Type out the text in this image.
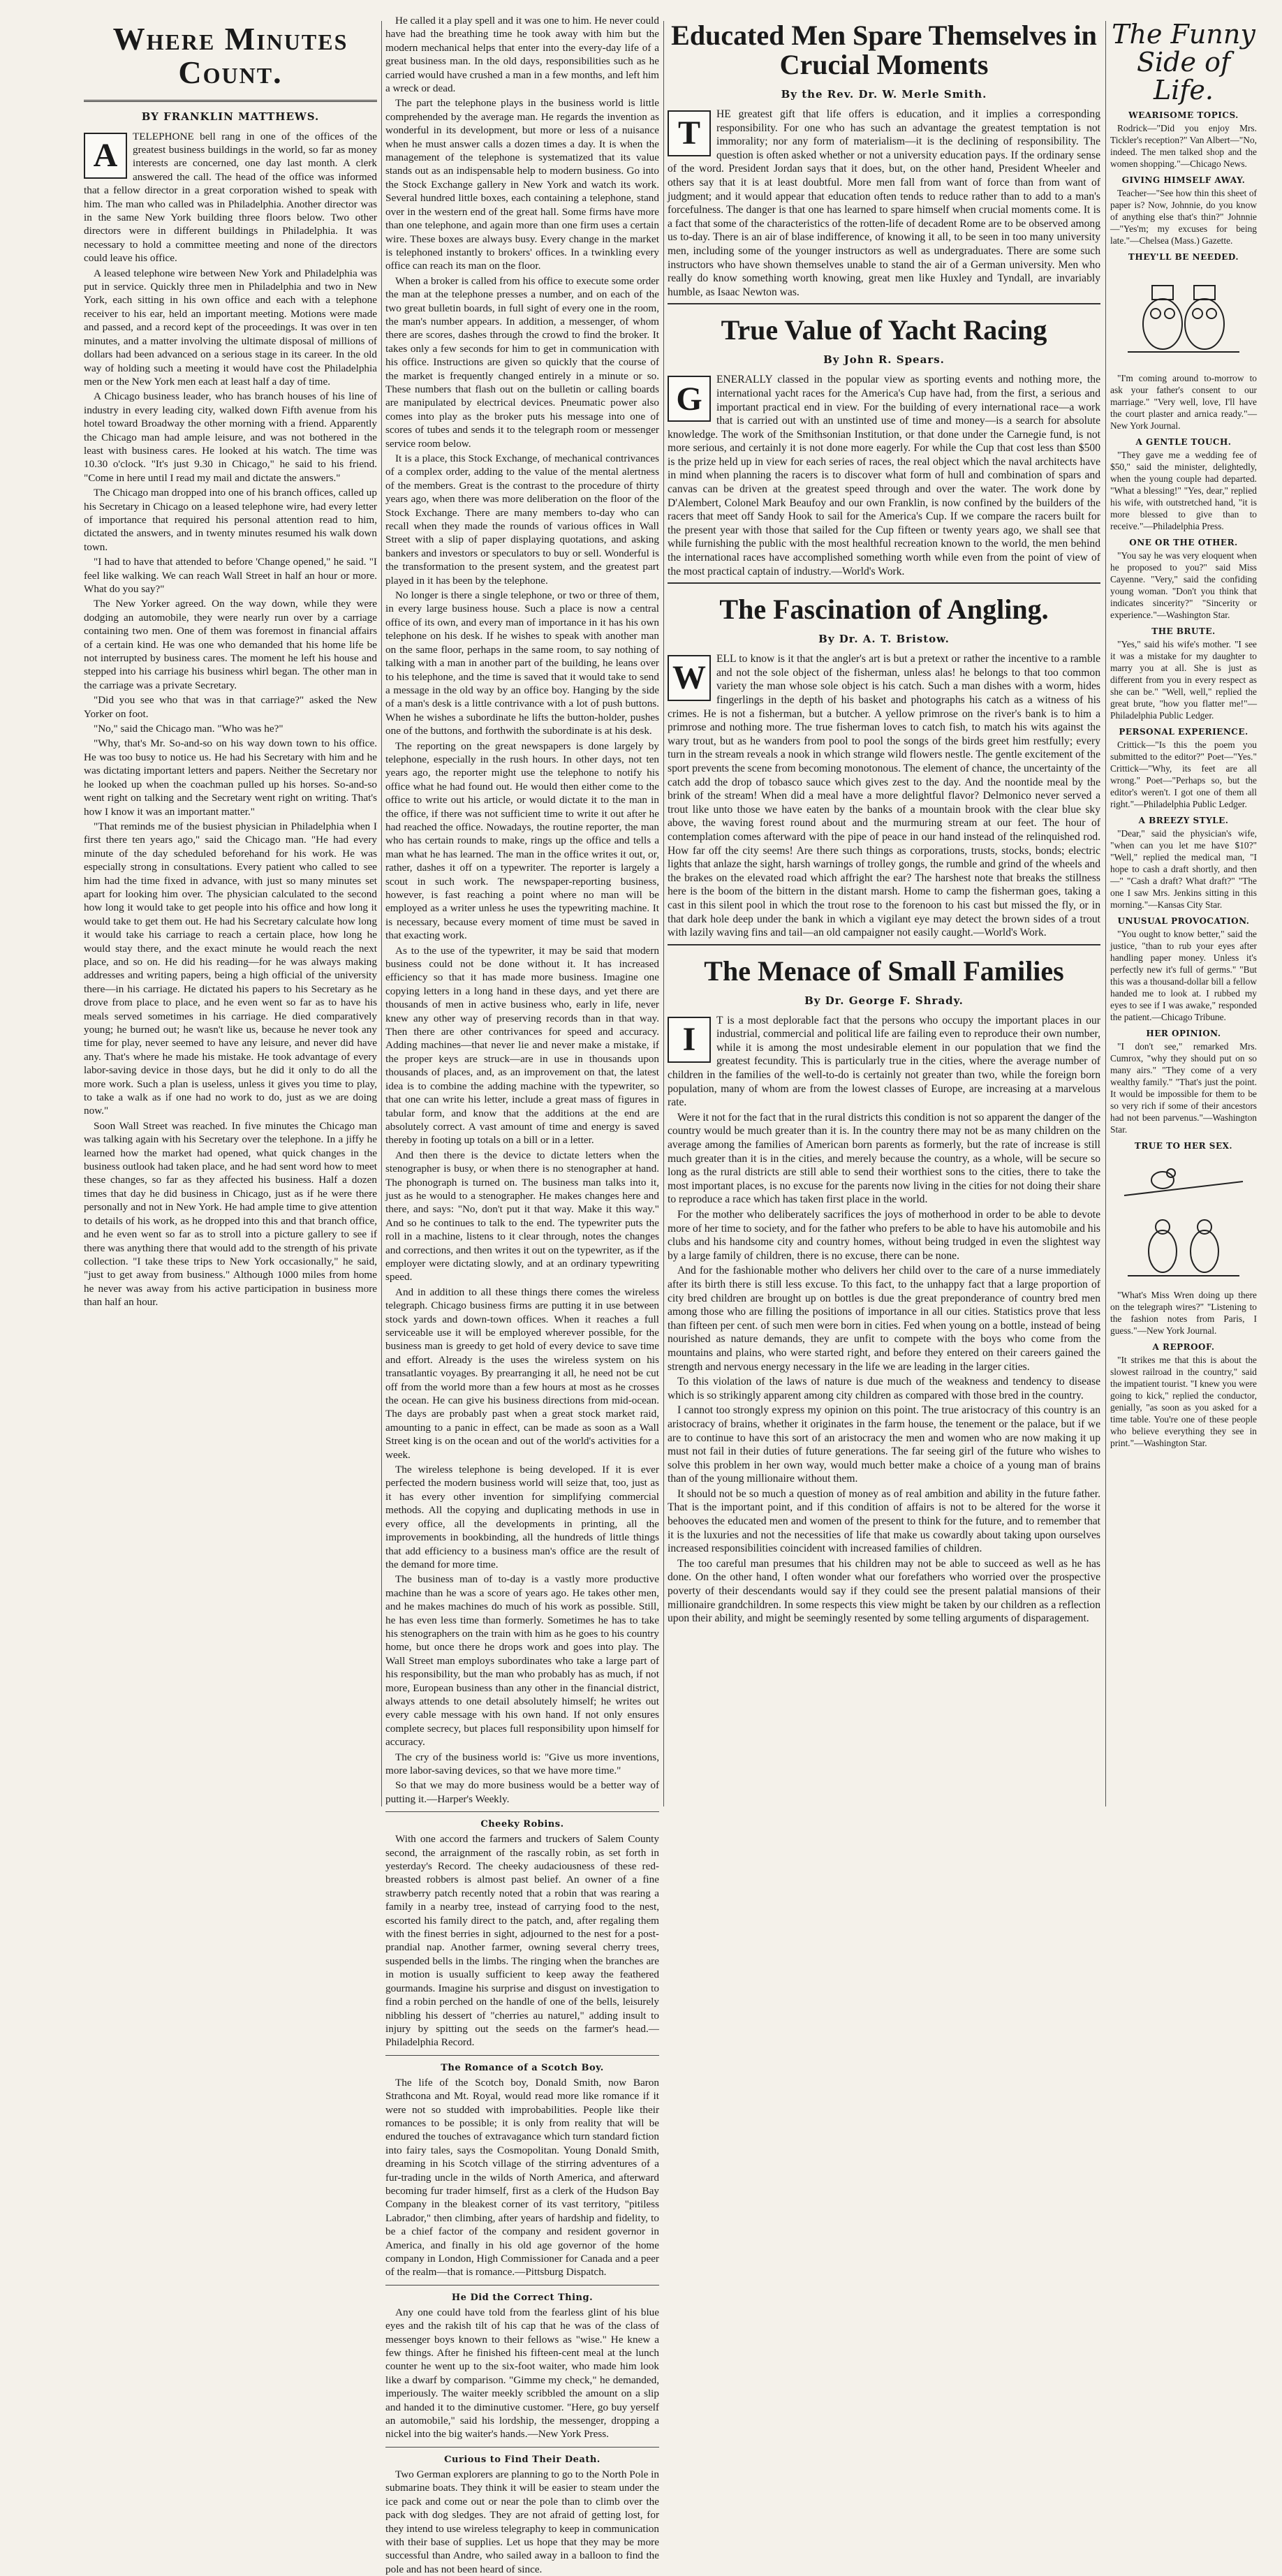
Where Minutes Count.
BY FRANKLIN MATTHEWS.
A
TELEPHONE bell rang in one of the offices of the greatest business buildings in the world, so far as money interests are concerned, one day last month. A clerk answered the call. The head of the office was informed that a fellow director in a great corporation wished to speak with him. The man who called was in Philadelphia. Another director was in the same New York building three floors below. Two other directors were in different buildings in Philadelphia. It was necessary to hold a committee meeting and none of the directors could leave his office.

A leased telephone wire between New York and Philadelphia was put in service. Quickly three men in Philadelphia and two in New York, each sitting in his own office and each with a telephone receiver to his ear, held an important meeting. Motions were made and passed, and a record kept of the proceedings. It was over in ten minutes, and a matter involving the ultimate disposal of millions of dollars had been advanced on a serious stage in its career. In the old way of holding such a meeting it would have cost the Philadelphia men or the New York men each at least half a day of time.

A Chicago business leader, who has branch houses of his line of industry in every leading city, walked down Fifth avenue from his hotel toward Broadway the other morning with a friend. Apparently the Chicago man had ample leisure, and was not bothered in the least with business cares. He looked at his watch. The time was 10.30 o'clock. "It's just 9.30 in Chicago," he said to his friend. "Come in here until I read my mail and dictate the answers."

The Chicago man dropped into one of his branch offices, called up his Secretary in Chicago on a leased telephone wire, had every letter of importance that required his personal attention read to him, dictated the answers, and in twenty minutes resumed his walk down town.

"I had to have that attended to before 'Change opened," he said. "I feel like walking. We can reach Wall Street in half an hour or more. What do you say?"

The New Yorker agreed. On the way down, while they were dodging an automobile, they were nearly run over by a carriage containing two men. One of them was foremost in financial affairs of a certain kind. He was one who demanded that his home life be not interrupted by business cares. The moment he left his house and stepped into his carriage his business whirl began. The other man in the carriage was a private Secretary.

"Did you see who that was in that carriage?" asked the New Yorker on foot.

"No," said the Chicago man. "Who was he?"

"Why, that's Mr. So-and-so on his way down town to his office. He was too busy to notice us. He had his Secretary with him and he was dictating important letters and papers. Neither the Secretary nor he looked up when the coachman pulled up his horses. So-and-so went right on talking and the Secretary went right on writing. That's how I know it was an important matter."

"That reminds me of the busiest physician in Philadelphia when I first there ten years ago," said the Chicago man. "He had every minute of the day scheduled beforehand for his work. He was especially strong in consultations. Every patient who called to see him had the time fixed in advance, with just so many minutes set apart for looking him over. The physician calculated to the second how long it would take to get people into his office and how long it would take to get them out. He had his Secretary calculate how long it would take his carriage to reach a certain place, how long he would stay there, and the exact minute he would reach the next place, and so on. He did his reading—for he was always making addresses and writing papers, being a high official of the university there—in his carriage. He dictated his papers to his Secretary as he drove from place to place, and he even went so far as to have his meals served sometimes in his carriage. He died comparatively young; he burned out; he wasn't like us, because he never took any time for play, never seemed to have any leisure, and never did have any. That's where he made his mistake. He took advantage of every labor-saving device in those days, but he did it only to do all the more work. Such a plan is useless, unless it gives you time to play, to take a walk as if one had no work to do, just as we are doing now."

Soon Wall Street was reached. In five minutes the Chicago man was talking again with his Secretary over the telephone. In a jiffy he learned how the market had opened, what quick changes in the business outlook had taken place, and he had sent word how to meet these changes, so far as they affected his business. Half a dozen times that day he did business in Chicago, just as if he were there personally and not in New York. He had ample time to give attention to details of his work, as he dropped into this and that branch office, and he even went so far as to stroll into a picture gallery to see if there was anything there that would add to the strength of his private collection. "I take these trips to New York occasionally," he said, "just to get away from business." Although 1000 miles from home he never was away from his active participation in business more than half an hour.

He called it a play spell and it was one to him. He never could have had the breathing time he took away with him but the modern mechanical helps that enter into the every-day life of a great business man. In the old days, responsibilities such as he carried would have crushed a man in a few months, and left him a wreck or dead.

The part the telephone plays in the business world is little comprehended by the average man. He regards the invention as wonderful in its development, but more or less of a nuisance when he must answer calls a dozen times a day. It is when the management of the telephone is systematized that its value stands out as an indispensable help to modern business. Go into the Stock Exchange gallery in New York and watch its work. Several hundred little boxes, each containing a telephone, stand over in the western end of the great hall. Some firms have more than one telephone, and again more than one firm uses a certain wire. These boxes are always busy. Every change in the market is telephoned instantly to brokers' offices. In a twinkling every office can reach its man on the floor.

When a broker is called from his office to execute some order the man at the telephone presses a number, and on each of the two great bulletin boards, in full sight of every one in the room, the man's number appears. In addition, a messenger, of whom there are scores, dashes through the crowd to find the broker. It takes only a few seconds for him to get in communication with his office. Instructions are given so quickly that the course of the market is frequently changed entirely in a minute or so. These numbers that flash out on the bulletin or calling boards are manipulated by electrical devices. Pneumatic power also comes into play as the broker puts his message into one of scores of tubes and sends it to the telegraph room or messenger service room below.

It is a place, this Stock Exchange, of mechanical contrivances of a complex order, adding to the value of the mental alertness of the members. Great is the contrast to the procedure of thirty years ago, when there was more deliberation on the floor of the Stock Exchange. There are many members to-day who can recall when they made the rounds of various offices in Wall Street with a slip of paper displaying quotations, and asking bankers and investors or speculators to buy or sell. Wonderful is the transformation to the present system, and the greatest part played in it has been by the telephone.

No longer is there a single telephone, or two or three of them, in every large business house. Such a place is now a central office of its own, and every man of importance in it has his own telephone on his desk. If he wishes to speak with another man on the same floor, perhaps in the same room, to say nothing of talking with a man in another part of the building, he leans over to his telephone, and the time is saved that it would take to send a message in the old way by an office boy. Hanging by the side of a man's desk is a little contrivance with a lot of push buttons. When he wishes a subordinate he lifts the button-holder, pushes one of the buttons, and forthwith the subordinate is at his desk.

The reporting on the great newspapers is done largely by telephone, especially in the rush hours. In other days, not ten years ago, the reporter might use the telephone to notify his office what he had found out. He would then either come to the office to write out his article, or would dictate it to the man in the office, if there was not sufficient time to write it out after he had reached the office. Nowadays, the routine reporter, the man who has certain rounds to make, rings up the office and tells a man what he has learned. The man in the office writes it out, or, rather, dashes it off on a typewriter. The reporter is largely a scout in such work. The newspaper-reporting business, however, is fast reaching a point where no man will be employed as a writer unless he uses the typewriting machine. It is necessary, because every moment of time must be saved in that exacting work.

As to the use of the typewriter, it may be said that modern business could not be done without it. It has increased efficiency so that it has made more business. Imagine one copying letters in a long hand in these days, and yet there are thousands of men in active business who, early in life, never knew any other way of preserving records than in that way. Then there are other contrivances for speed and accuracy. Adding machines—that never lie and never make a mistake, if the proper keys are struck—are in use in thousands upon thousands of places, and, as an improvement on that, the latest idea is to combine the adding machine with the typewriter, so that one can write his letter, include a great mass of figures in tabular form, and know that the additions at the end are absolutely correct. A vast amount of time and energy is saved thereby in footing up totals on a bill or in a letter.

And then there is the device to dictate letters when the stenographer is busy, or when there is no stenographer at hand. The phonograph is turned on. The business man talks into it, just as he would to a stenographer. He makes changes here and there, and says: "No, don't put it that way. Make it this way." And so he continues to talk to the end. The typewriter puts the roll in a machine, listens to it clear through, notes the changes and corrections, and then writes it out on the typewriter, as if the employer were dictating slowly, and at an ordinary typewriting speed.

And in addition to all these things there comes the wireless telegraph. Chicago business firms are putting it in use between stock yards and down-town offices. When it reaches a full serviceable use it will be employed wherever possible, for the business man is greedy to get hold of every device to save time and effort. Already is the uses the wireless system on his transatlantic voyages. By prearranging it all, he need not be cut off from the world more than a few hours at most as he crosses the ocean. He can give his business directions from mid-ocean. The days are probably past when a great stock market raid, amounting to a panic in effect, can be made as soon as a Wall Street king is on the ocean and out of the world's activities for a week.

The wireless telephone is being developed. If it is ever perfected the modern business world will seize that, too, just as it has every other invention for simplifying commercial methods. All the copying and duplicating methods in use in every office, all the developments in printing, all the improvements in bookbinding, all the hundreds of little things that add efficiency to a business man's office are the result of the demand for more time.

The business man of to-day is a vastly more productive machine than he was a score of years ago. He takes other men, and he makes machines do much of his work as possible. Still, he has even less time than formerly. Sometimes he has to take his stenographers on the train with him as he goes to his country home, but once there he drops work and goes into play. The Wall Street man employs subordinates who take a large part of his responsibility, but the man who probably has as much, if not more, European business than any other in the financial district, always attends to one detail absolutely himself; he writes out every cable message with his own hand. If not only ensures complete secrecy, but places full responsibility upon himself for accuracy.

The cry of the business world is: "Give us more inventions, more labor-saving devices, so that we have more time."

So that we may do more business would be a better way of putting it.—Harper's Weekly.

Cheeky Robins.

With one accord the farmers and truckers of Salem County second, the arraignment of the rascally robin, as set forth in yesterday's Record. The cheeky audaciousness of these red-breasted robbers is almost past belief. An owner of a fine strawberry patch recently noted that a robin that was rearing a family in a nearby tree, instead of carrying food to the nest, escorted his family direct to the patch, and, after regaling them with the finest berries in sight, adjourned to the nest for a post-prandial nap. Another farmer, owning several cherry trees, suspended bells in the limbs. The ringing when the branches are in motion is usually sufficient to keep away the feathered gourmands. Imagine his surprise and disgust on investigation to find a robin perched on the handle of one of the bells, leisurely nibbling his dessert of "cherries au naturel," adding insult to injury by spitting out the seeds on the farmer's head.—Philadelphia Record.

The Romance of a Scotch Boy.

The life of the Scotch boy, Donald Smith, now Baron Strathcona and Mt. Royal, would read more like romance if it were not so studded with improbabilities. People like their romances to be possible; it is only from reality that will be endured the touches of extravagance which turn standard fiction into fairy tales, says the Cosmopolitan. Young Donald Smith, dreaming in his Scotch village of the stirring adventures of a fur-trading uncle in the wilds of North America, and afterward becoming fur trader himself, first as a clerk of the Hudson Bay Company in the bleakest corner of its vast territory, "pitiless Labrador," then climbing, after years of hardship and fidelity, to be a chief factor of the company and resident governor in America, and finally in his old age governor of the home company in London, High Commissioner for Canada and a peer of the realm—that is romance.—Pittsburg Dispatch.

He Did the Correct Thing.

Any one could have told from the fearless glint of his blue eyes and the rakish tilt of his cap that he was of the class of messenger boys known to their fellows as "wise." He knew a few things. After he finished his fifteen-cent meal at the lunch counter he went up to the six-foot waiter, who made him look like a dwarf by comparison. "Gimme my check," he demanded, imperiously. The waiter meekly scribbled the amount on a slip and handed it to the diminutive customer. "Here, go buy yerself an automobile," said his lordship, the messenger, dropping a nickel into the big waiter's hands.—New York Press.

Curious to Find Their Death.

Two German explorers are planning to go to the North Pole in submarine boats. They think it will be easier to steam under the ice pack and come out or near the pole than to climb over the pack with dog sledges. They are not afraid of getting lost, for they intend to use wireless telegraphy to keep in communication with their base of supplies. Let us hope that they may be more successful than Andre, who sailed away in a balloon to find the pole and has not been heard of since.

Educated Men Spare Themselves in Crucial Moments
By the Rev. Dr. W. Merle Smith.
T
HE greatest gift that life offers is education, and it implies a corresponding responsibility. For one who has such an advantage the greatest temptation is not immorality; nor any form of materialism—it is the declining of responsibility. The question is often asked whether or not a university education pays. If the ordinary sense of the word. President Jordan says that it does, but, on the other hand, President Wheeler and others say that it is at least doubtful. More men fall from want of force than from want of judgment; and it would appear that education often tends to reduce rather than to add to a man's forcefulness. The danger is that one has learned to spare himself when crucial moments come. It is a fact that some of the characteristics of the rotten-life of decadent Rome are to be observed among us to-day. There is an air of blase indifference, of knowing it all, to be seen in too many university men, including some of the younger instructors as well as undergraduates. There are some such instructors who have shown themselves unable to stand the air of a German university. Men who really do know something worth knowing, great men like Huxley and Tyndall, are invariably humble, as Isaac Newton was.
True Value of Yacht Racing
By John R. Spears.
G
ENERALLY classed in the popular view as sporting events and nothing more, the international yacht races for the America's Cup have had, from the first, a serious and important practical end in view. For the building of every international race—a work that is carried out with an unstinted use of time and money—is a search for absolute knowledge. The work of the Smithsonian Institution, or that done under the Carnegie fund, is not more serious, and certainly it is not done more eagerly. For while the Cup that cost less than $500 is the prize held up in view for each series of races, the real object which the naval architects have in mind when planning the racers is to discover what form of hull and combination of spars and canvas can be driven at the greatest speed through and over the water. The work done by D'Alembert, Colonel Mark Beaufoy and our own Franklin, is now confined by the builders of the racers that meet off Sandy Hook to sail for the America's Cup. If we compare the racers built for the present year with those that sailed for the Cup fifteen or twenty years ago, we shall see that while furnishing the public with the most healthful recreation known to the world, the men behind the international races have accomplished something worth while even from the point of view of the most practical captain of industry.—World's Work.
The Fascination of Angling.
By Dr. A. T. Bristow.
W
ELL to know is it that the angler's art is but a pretext or rather the incentive to a ramble and not the sole object of the fisherman, unless alas! he belongs to that too common variety the man whose sole object is his catch. Such a man dishes with a worm, hides fingerlings in the depth of his basket and photographs his catch as a witness of his crimes. He is not a fisherman, but a butcher. A yellow primrose on the river's bank is to him a primrose and nothing more. The true fisherman loves to catch fish, to match his wits against the wary trout, but as he wanders from pool to pool the songs of the birds greet him restfully; every turn in the stream reveals a nook in which strange wild flowers nestle. The gentle excitement of the sport prevents the scene from becoming monotonous. The element of chance, the uncertainty of the catch add the drop of tobasco sauce which gives zest to the day. And the noontide meal by the brink of the stream! When did a meal have a more delightful flavor? Delmonico never served a trout like unto those we have eaten by the banks of a mountain brook with the clear blue sky above, the waving forest round about and the murmuring stream at our feet. The hour of contemplation comes afterward with the pipe of peace in our hand instead of the relinquished rod. How far off the city seems! Are there such things as corporations, trusts, stocks, bonds; electric lights that anlaze the sight, harsh warnings of trolley gongs, the rumble and grind of the wheels and the brakes on the elevated road which affright the ear? The harshest note that breaks the stillness here is the boom of the bittern in the distant marsh. Home to camp the fisherman goes, taking a cast in this silent pool in which the trout rose to the forenoon to his cast but missed the fly, or in that dark hole deep under the bank in which a vigilant eye may detect the brown sides of a trout with lazily waving fins and tail—an old campaigner not easily caught.—World's Work.
The Menace of Small Families
By Dr. George F. Shrady.
I
T is a most deplorable fact that the persons who occupy the important places in our industrial, commercial and political life are failing even to reproduce their own number, while it is among the most undesirable element in our population that we find the greatest fecundity. This is particularly true in the cities, where the average number of children in the families of the well-to-do is certainly not greater than two, while the foreign born population, many of whom are from the lowest classes of Europe, are increasing at a marvelous rate.

Were it not for the fact that in the rural districts this condition is not so apparent the danger of the country would be much greater than it is. In the country there may not be as many children on the average among the families of American born parents as formerly, but the rate of increase is still much greater than it is in the cities, and merely because the country, as a whole, will be secure so long as the rural districts are still able to send their worthiest sons to the cities, there to take the most important places, is no excuse for the parents now living in the cities for not doing their share to reproduce a race which has taken first place in the world.

For the mother who deliberately sacrifices the joys of motherhood in order to be able to devote more of her time to society, and for the father who prefers to be able to have his automobile and his clubs and his handsome city and country homes, without being trudged in even the slightest way by a large family of children, there is no excuse, there can be none.

And for the fashionable mother who delivers her child over to the care of a nurse immediately after its birth there is still less excuse. To this fact, to the unhappy fact that a large proportion of city bred children are brought up on bottles is due the great preponderance of country bred men among those who are filling the positions of importance in all our cities. Statistics prove that less than fifteen per cent. of such men were born in cities. Fed when young on a bottle, instead of being nourished as nature demands, they are unfit to compete with the boys who come from the mountains and plains, who were started right, and before they entered on their careers gained the strength and nervous energy necessary in the life we are leading in the larger cities.

To this violation of the laws of nature is due much of the weakness and tendency to disease which is so strikingly apparent among city children as compared with those bred in the country.

I cannot too strongly express my opinion on this point. The true aristocracy of this country is an aristocracy of brains, whether it originates in the farm house, the tenement or the palace, but if we are to continue to have this sort of an aristocracy the men and women who are now making it up must not fail in their duties of future generations. The far seeing girl of the future who wishes to solve this problem in her own way, would much better make a choice of a young man of brains than of the young millionaire without them.

It should not be so much a question of money as of real ambition and ability in the future father. That is the important point, and if this condition of affairs is not to be altered for the worse it behooves the educated men and women of the present to think for the future, and to remember that it is the luxuries and not the necessities of life that make us cowardly about taking upon ourselves increased responsibilities coincident with increased families of children.

The too careful man presumes that his children may not be able to succeed as well as he has done. On the other hand, I often wonder what our forefathers who worried over the prospective poverty of their descendants would say if they could see the present palatial mansions of their millionaire grandchildren. In some respects this view might be taken by our children as a reflection upon their ability, and might be seemingly resented by some telling arguments of disparagement.

The Funny Side of Life.
WEARISOME TOPICS.

Rodrick—"Did you enjoy Mrs. Tickler's reception?" Van Albert—"No, indeed. The men talked shop and the women shopping."—Chicago News.

GIVING HIMSELF AWAY.

Teacher—"See how thin this sheet of paper is? Now, Johnnie, do you know of anything else that's thin?" Johnnie—"Yes'm; my excuses for being late."—Chelsea (Mass.) Gazette.

THEY'LL BE NEEDED.

"I'm coming around to-morrow to ask your father's consent to our marriage." "Very well, love, I'll have the court plaster and arnica ready."—New York Journal.

A GENTLE TOUCH.

"They gave me a wedding fee of $50," said the minister, delightedly, when the young couple had departed. "What a blessing!" "Yes, dear," replied his wife, with outstretched hand, "it is more blessed to give than to receive."—Philadelphia Press.

ONE OR THE OTHER.

"You say he was very eloquent when he proposed to you?" said Miss Cayenne. "Very," said the confiding young woman. "Don't you think that indicates sincerity?" "Sincerity or experience."—Washington Star.

THE BRUTE.

"Yes," said his wife's mother. "I see it was a mistake for my daughter to marry you at all. She is just as different from you in every respect as she can be." "Well, well," replied the great brute, "how you flatter me!"—Philadelphia Public Ledger.

PERSONAL EXPERIENCE.

Crittick—"Is this the poem you submitted to the editor?" Poet—"Yes." Crittick—"Why, its feet are all wrong." Poet—"Perhaps so, but the editor's weren't. I got one of them all right."—Philadelphia Public Ledger.

A BREEZY STYLE.

"Dear," said the physician's wife, "when can you let me have $10?" "Well," replied the medical man, "I hope to cash a draft shortly, and then—" "Cash a draft? What draft?" "The one I saw Mrs. Jenkins sitting in this morning."—Kansas City Star.

UNUSUAL PROVOCATION.

"You ought to know better," said the justice, "than to rub your eyes after handling paper money. Unless it's perfectly new it's full of germs." "But this was a thousand-dollar bill a fellow handed me to look at. I rubbed my eyes to see if I was awake," responded the patient.—Chicago Tribune.

HER OPINION.

"I don't see," remarked Mrs. Cumrox, "why they should put on so many airs." "They come of a very wealthy family." "That's just the point. It would be impossible for them to be so very rich if some of their ancestors had not been parvenus."—Washington Star.

TRUE TO HER SEX.

"What's Miss Wren doing up there on the telegraph wires?" "Listening to the fashion notes from Paris, I guess."—New York Journal.

A REPROOF.

"It strikes me that this is about the slowest railroad in the country," said the impatient tourist. "I knew you were going to kick," replied the conductor, genially, "as soon as you asked for a time table. You're one of these people who believe everything they see in print."—Washington Star.
